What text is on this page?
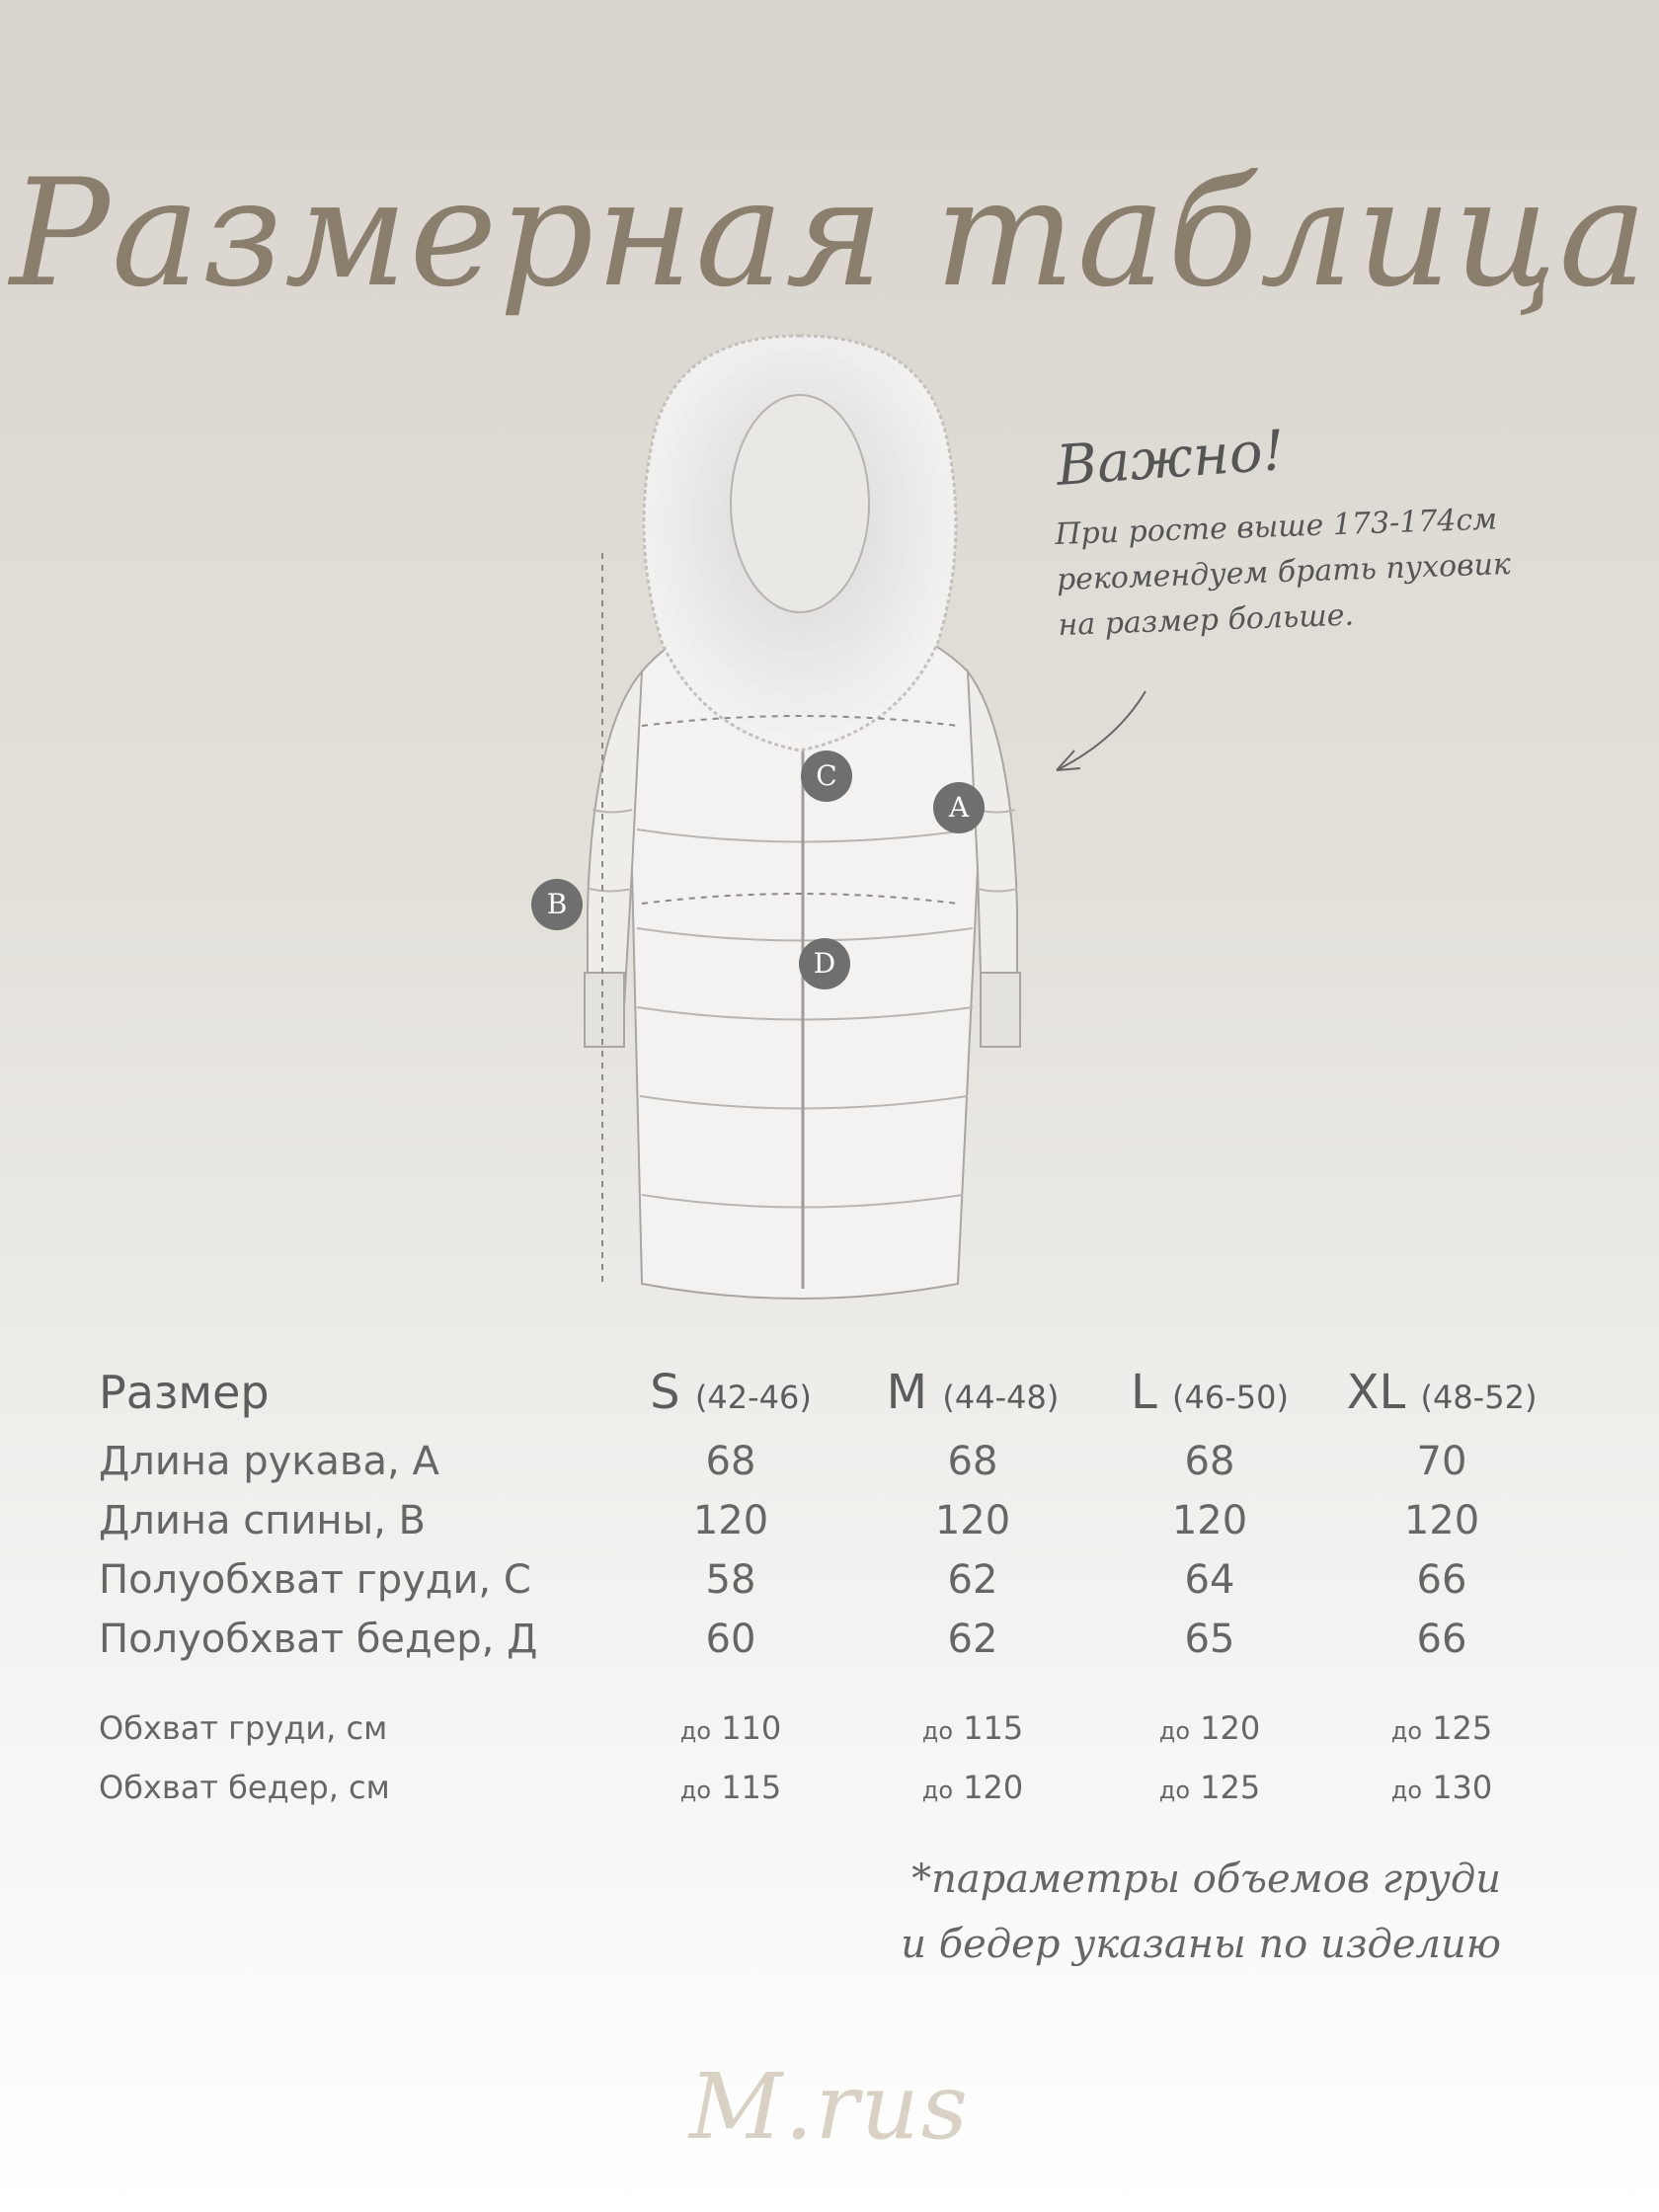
Размерная таблица
C
A
B
D
Важно!
При росте выше 173-174см
рекомендуем брать пуховик
на размер больше.
Размер	S (42-46)	M (44-48)	L (46-50)	XL (48-52)
Длина рукава, А	68	68	68	70
Длина спины, В	120	120	120	120
Полуобхват груди, С	58	62	64	66
Полуобхват бедер, Д	60	62	65	66

Обхват груди, см	до 110	до 115	до 120	до 125
Обхват бедер, см	до 115	до 120	до 125	до 130
*параметры объемов груди
и бедер указаны по изделию
M.rus
